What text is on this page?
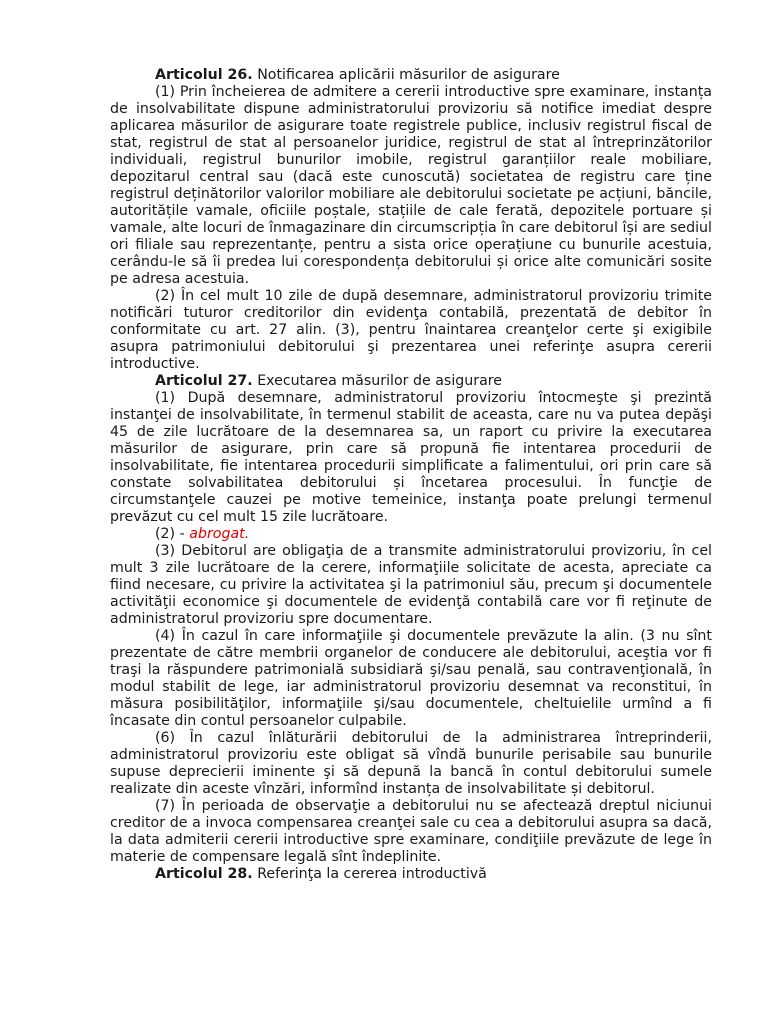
Articolul 26. Notificarea aplicării măsurilor de asigurare

(1) Prin încheierea de admitere a cererii introductive spre examinare, instanța de insolvabilitate dispune administratorului provizoriu să notifice imediat despre aplicarea măsurilor de asigurare toate registrele publice, inclusiv registrul fiscal de stat, registrul de stat al persoanelor juridice, registrul de stat al întreprinzătorilor individuali, registrul bunurilor imobile, registrul garanțiilor reale mobiliare, depozitarul central sau (dacă este cunoscută) societatea de registru care ține registrul deținătorilor valorilor mobiliare ale debitorului societate pe acțiuni, băncile, autoritățile vamale, oficiile poștale, stațiile de cale ferată, depozitele portuare și vamale, alte locuri de înmagazinare din circumscripția în care debitorul își are sediul ori filiale sau reprezentanțe, pentru a sista orice operațiune cu bunurile acestuia, cerându-le să îi predea lui corespondența debitorului și orice alte comunicări sosite pe adresa acestuia.

(2) În cel mult 10 zile de după desemnare, administratorul provizoriu trimite notificări tuturor creditorilor din evidenţa contabilă, prezentată de debitor în conformitate cu art. 27 alin. (3), pentru înaintarea creanţelor certe şi exigibile asupra patrimoniului debitorului şi prezentarea unei referinţe asupra cererii introductive.

Articolul 27. Executarea măsurilor de asigurare

(1) După desemnare, administratorul provizoriu întocmeşte şi prezintă instanţei de insolvabilitate, în termenul stabilit de aceasta, care nu va putea depăşi 45 de zile lucrătoare de la desemnarea sa, un raport cu privire la executarea măsurilor de asigurare, prin care să propună fie intentarea procedurii de insolvabilitate, fie intentarea procedurii simplificate a falimentului, ori prin care să constate solvabilitatea debitorului și încetarea procesului. În funcţie de circumstanţele cauzei pe motive temeinice, instanţa poate prelungi termenul prevăzut cu cel mult 15 zile lucrătoare.

(2) - abrogat.

(3) Debitorul are obligaţia de a transmite administratorului provizoriu, în cel mult 3 zile lucrătoare de la cerere, informaţiile solicitate de acesta, apreciate ca fiind necesare, cu privire la activitatea şi la patrimoniul său, precum şi documentele activităţii economice şi documentele de evidenţă contabilă care vor fi reţinute de administratorul provizoriu spre documentare.

(4) În cazul în care informaţiile şi documentele prevăzute la alin. (3 nu sînt prezentate de către membrii organelor de conducere ale debitorului, aceştia vor fi traşi la răspundere patrimonială subsidiară şi/sau penală, sau contravenţională, în modul stabilit de lege, iar administratorul provizoriu desemnat va reconstitui, în măsura posibilităţilor, informaţiile şi/sau documentele, cheltuielile urmînd a fi încasate din contul persoanelor culpabile.

(6) În cazul înlăturării debitorului de la administrarea întreprinderii, administratorul provizoriu este obligat să vîndă bunurile perisabile sau bunurile supuse deprecierii iminente şi să depună la bancă în contul debitorului sumele realizate din aceste vînzări, informînd instanța de insolvabilitate și debitorul.

(7) În perioada de observaţie a debitorului nu se afectează dreptul niciunui creditor de a invoca compensarea creanţei sale cu cea a debitorului asupra sa dacă, la data admiterii cererii introductive spre examinare, condiţiile prevăzute de lege în materie de compensare legală sînt îndeplinite.

Articolul 28. Referinţa la cererea introductivă
